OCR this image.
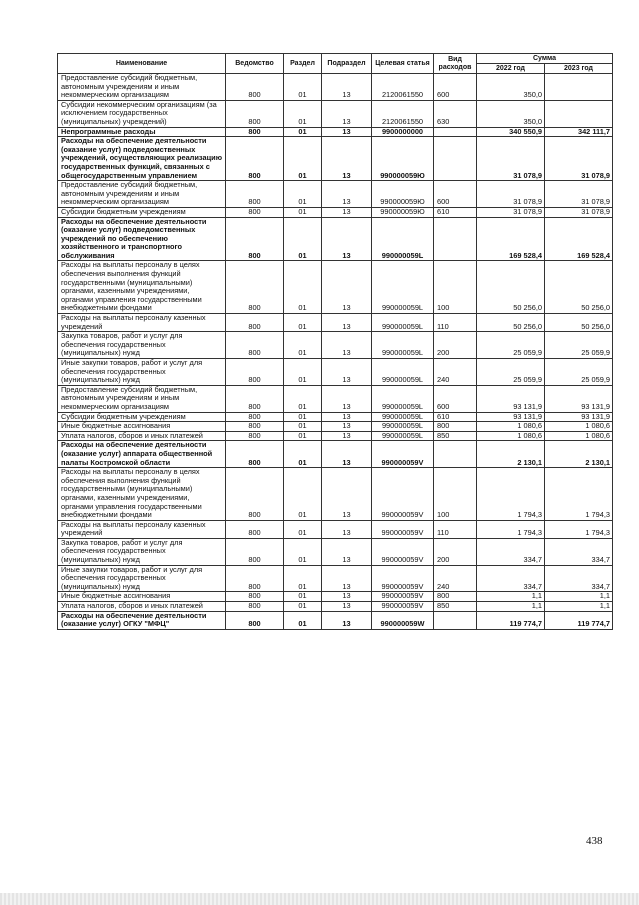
Наименование	Ведомство	Раздел	Подраздел	Целевая статья	Вид расходов	Сумма	
						2022 год	2023 год
Предоставление субсидий бюджетным, автономным учреждениям и иным некоммерческим организациям	800	01	13	2120061550	600	350,0	
Субсидии некоммерческим организациям (за исключением государственных (муниципальных) учреждений)	800	01	13	2120061550	630	350,0	
Непрограммные расходы	800	01	13	9900000000		340 550,9	342 111,7
Расходы на обеспечение деятельности (оказание услуг) подведомственных учреждений, осуществляющих реализацию государственных функций, связанных с общегосударственным управлением	800	01	13	990000059Ю		31 078,9	31 078,9
Предоставление субсидий бюджетным, автономным учреждениям и иным некоммерческим организациям	800	01	13	990000059Ю	600	31 078,9	31 078,9
Субсидии бюджетным учреждениям	800	01	13	990000059Ю	610	31 078,9	31 078,9
Расходы на обеспечение деятельности (оказание услуг) подведомственных учреждений по обеспечению хозяйственного и транспортного обслуживания	800	01	13	990000059L		169 528,4	169 528,4
Расходы на выплаты персоналу в целях обеспечения выполнения функций государственными (муниципальными) органами, казенными учреждениями, органами управления государственными внебюджетными фондами	800	01	13	990000059L	100	50 256,0	50 256,0
Расходы на выплаты персоналу казенных учреждений	800	01	13	990000059L	110	50 256,0	50 256,0
Закупка товаров, работ и услуг для обеспечения государственных (муниципальных) нужд	800	01	13	990000059L	200	25 059,9	25 059,9
Иные закупки товаров, работ и услуг для обеспечения государственных (муниципальных) нужд	800	01	13	990000059L	240	25 059,9	25 059,9
Предоставление субсидий бюджетным, автономным учреждениям и иным некоммерческим организациям	800	01	13	990000059L	600	93 131,9	93 131,9
Субсидии бюджетным учреждениям	800	01	13	990000059L	610	93 131,9	93 131,9
Иные бюджетные ассигнования	800	01	13	990000059L	800	1 080,6	1 080,6
Уплата налогов, сборов и иных платежей	800	01	13	990000059L	850	1 080,6	1 080,6
Расходы на обеспечение деятельности (оказание услуг) аппарата общественной палаты Костромской области	800	01	13	990000059V		2 130,1	2 130,1
Расходы на выплаты персоналу в целях обеспечения выполнения функций государственными (муниципальными) органами, казенными учреждениями, органами управления государственными внебюджетными фондами	800	01	13	990000059V	100	1 794,3	1 794,3
Расходы на выплаты персоналу казенных учреждений	800	01	13	990000059V	110	1 794,3	1 794,3
Закупка товаров, работ и услуг для обеспечения государственных (муниципальных) нужд	800	01	13	990000059V	200	334,7	334,7
Иные закупки товаров, работ и услуг для обеспечения государственных (муниципальных) нужд	800	01	13	990000059V	240	334,7	334,7
Иные бюджетные ассигнования	800	01	13	990000059V	800	1,1	1,1
Уплата налогов, сборов и иных платежей	800	01	13	990000059V	850	1,1	1,1
Расходы на обеспечение деятельности (оказание услуг) ОГКУ "МФЦ"	800	01	13	990000059W		119 774,7	119 774,7
438
